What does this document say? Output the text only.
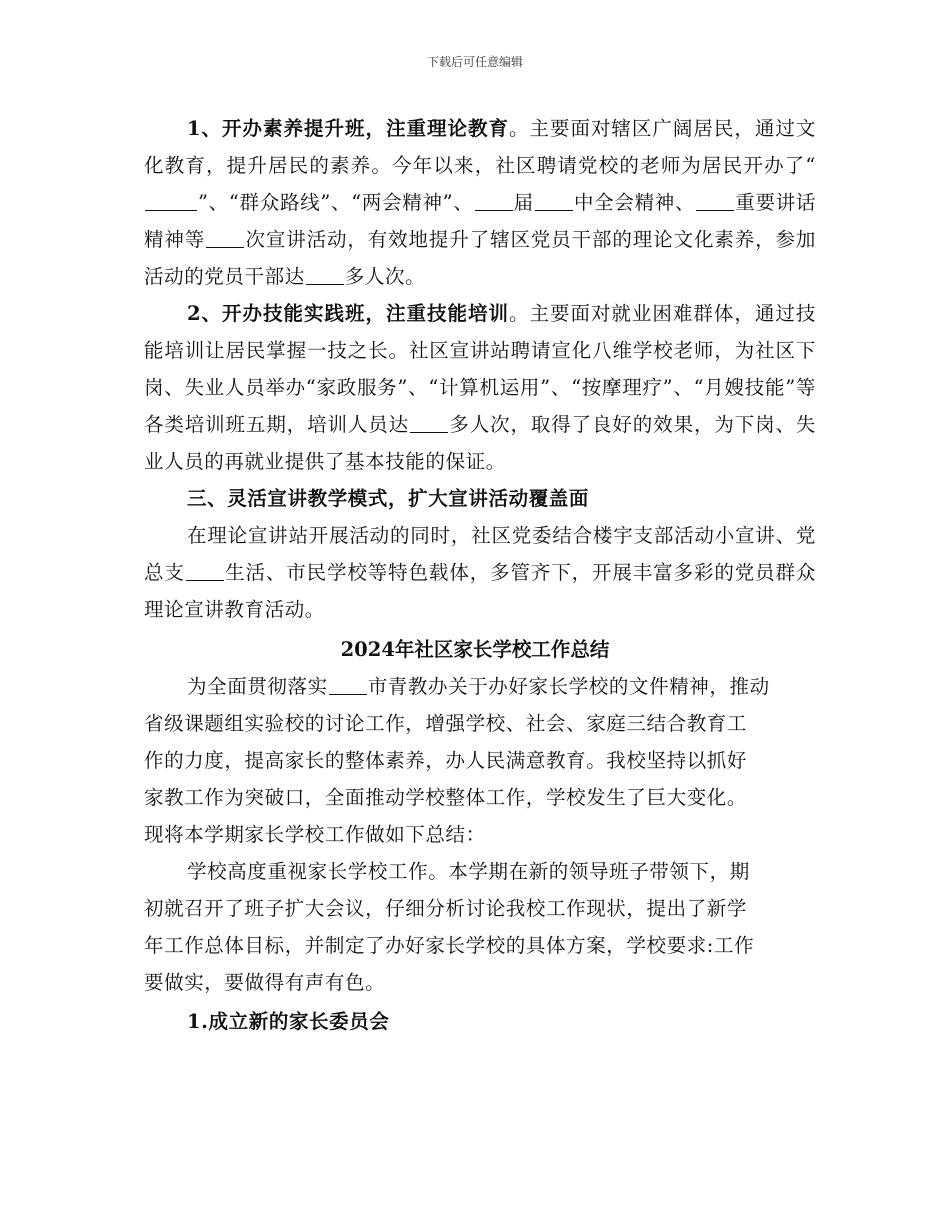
下载后可任意编辑
1、开办素养提升班，注重理论教育。主要面对辖区广阔居民，通过文化教育，提升居民的素养。今年以来，社区聘请党校的老师为居民开办了“”、“群众路线”、“两会精神”、 届 中全会精神、 重要讲话精神等 次宣讲活动，有效地提升了辖区党员干部的理论文化素养，参加活动的党员干部达 多人次。
2、开办技能实践班，注重技能培训。主要面对就业困难群体，通过技能培训让居民掌握一技之长。社区宣讲站聘请宣化八维学校老师，为社区下岗、失业人员举办“家政服务”、“计算机运用”、“按摩理疗”、“月嫂技能”等各类培训班五期，培训人员达 多人次，取得了良好的效果，为下岗、失业人员的再就业提供了基本技能的保证。
三、灵活宣讲教学模式，扩大宣讲活动覆盖面
在理论宣讲站开展活动的同时，社区党委结合楼宇支部活动小宣讲、党总支 生活、市民学校等特色载体，多管齐下，开展丰富多彩的党员群众理论宣讲教育活动。
2024年社区家长学校工作总结
为全面贯彻落实 市青教办关于办好家长学校的文件精神，推动
省级课题组实验校的讨论工作，增强学校、社会、家庭三结合教育工
作的力度，提高家长的整体素养，办人民满意教育。我校坚持以抓好
家教工作为突破口，全面推动学校整体工作，学校发生了巨大变化。
现将本学期家长学校工作做如下总结：
学校高度重视家长学校工作。本学期在新的领导班子带领下，期
初就召开了班子扩大会议，仔细分析讨论我校工作现状，提出了新学
年工作总体目标，并制定了办好家长学校的具体方案，学校要求:工作
要做实，要做得有声有色。
1.成立新的家长委员会
